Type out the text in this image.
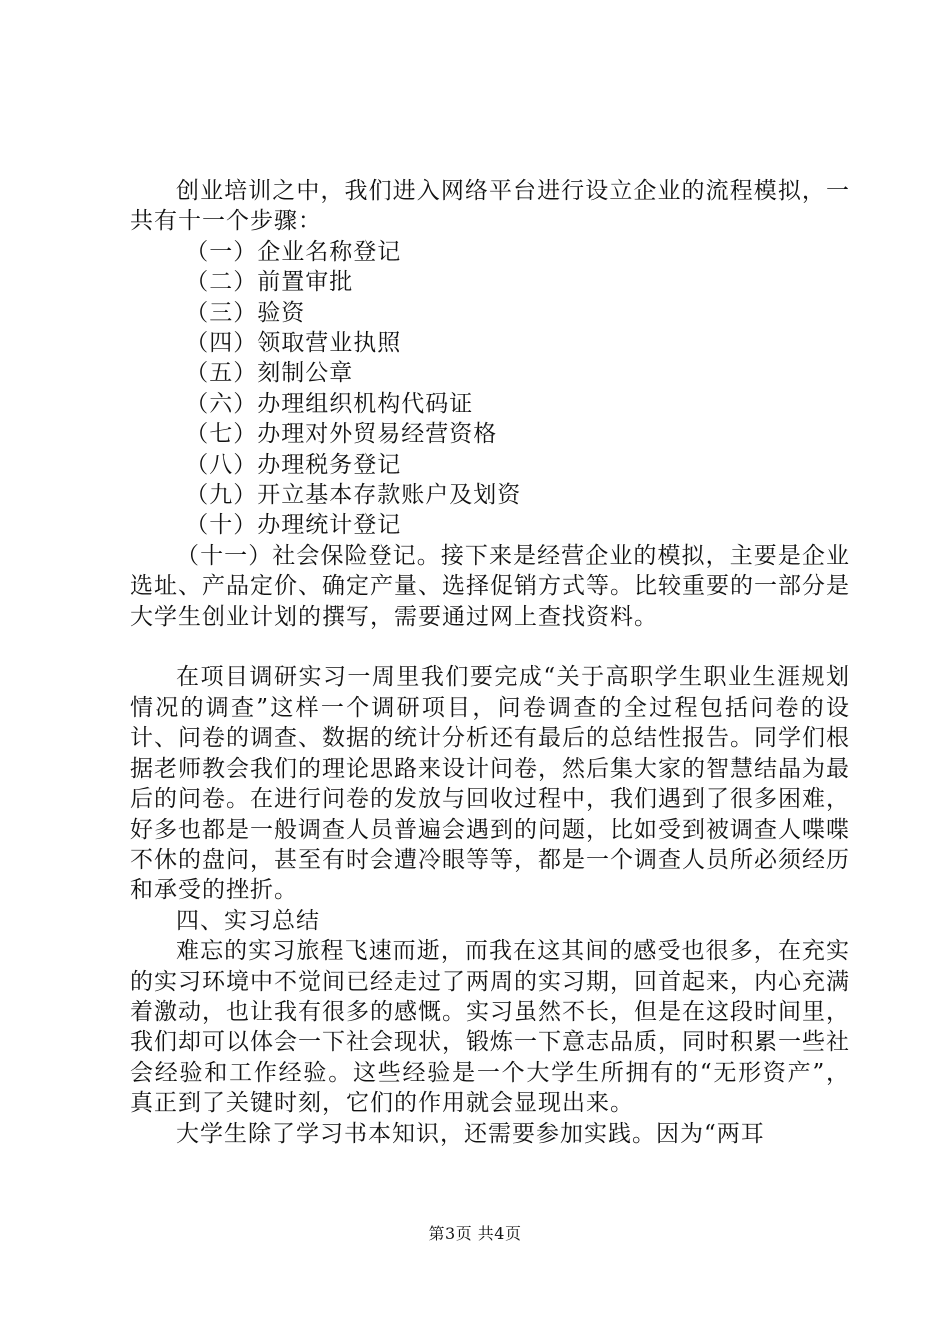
创业培训之中，我们进入网络平台进行设立企业的流程模拟，一共有十一个步骤：

（一）企业名称登记

（二）前置审批

（三）验资

（四）领取营业执照

（五）刻制公章

（六）办理组织机构代码证

（七）办理对外贸易经营资格

（八）办理税务登记

（九）开立基本存款账户及划资

（十）办理统计登记

（十一）社会保险登记。接下来是经营企业的模拟，主要是企业选址、产品定价、确定产量、选择促销方式等。比较重要的一部分是大学生创业计划的撰写，需要通过网上查找资料。

在项目调研实习一周里我们要完成“关于高职学生职业生涯规划情况的调查”这样一个调研项目，问卷调查的全过程包括问卷的设计、问卷的调查、数据的统计分析还有最后的总结性报告。同学们根据老师教会我们的理论思路来设计问卷，然后集大家的智慧结晶为最后的问卷。在进行问卷的发放与回收过程中，我们遇到了很多困难，好多也都是一般调查人员普遍会遇到的问题，比如受到被调查人喋喋不休的盘问，甚至有时会遭冷眼等等，都是一个调查人员所必须经历和承受的挫折。

四、实习总结

难忘的实习旅程飞速而逝，而我在这其间的感受也很多，在充实的实习环境中不觉间已经走过了两周的实习期，回首起来，内心充满着激动，也让我有很多的感慨。实习虽然不长，但是在这段时间里，我们却可以体会一下社会现状，锻炼一下意志品质，同时积累一些社会经验和工作经验。这些经验是一个大学生所拥有的“无形资产”，真正到了关键时刻，它们的作用就会显现出来。

大学生除了学习书本知识，还需要参加实践。因为“两耳

第3页 共4页
